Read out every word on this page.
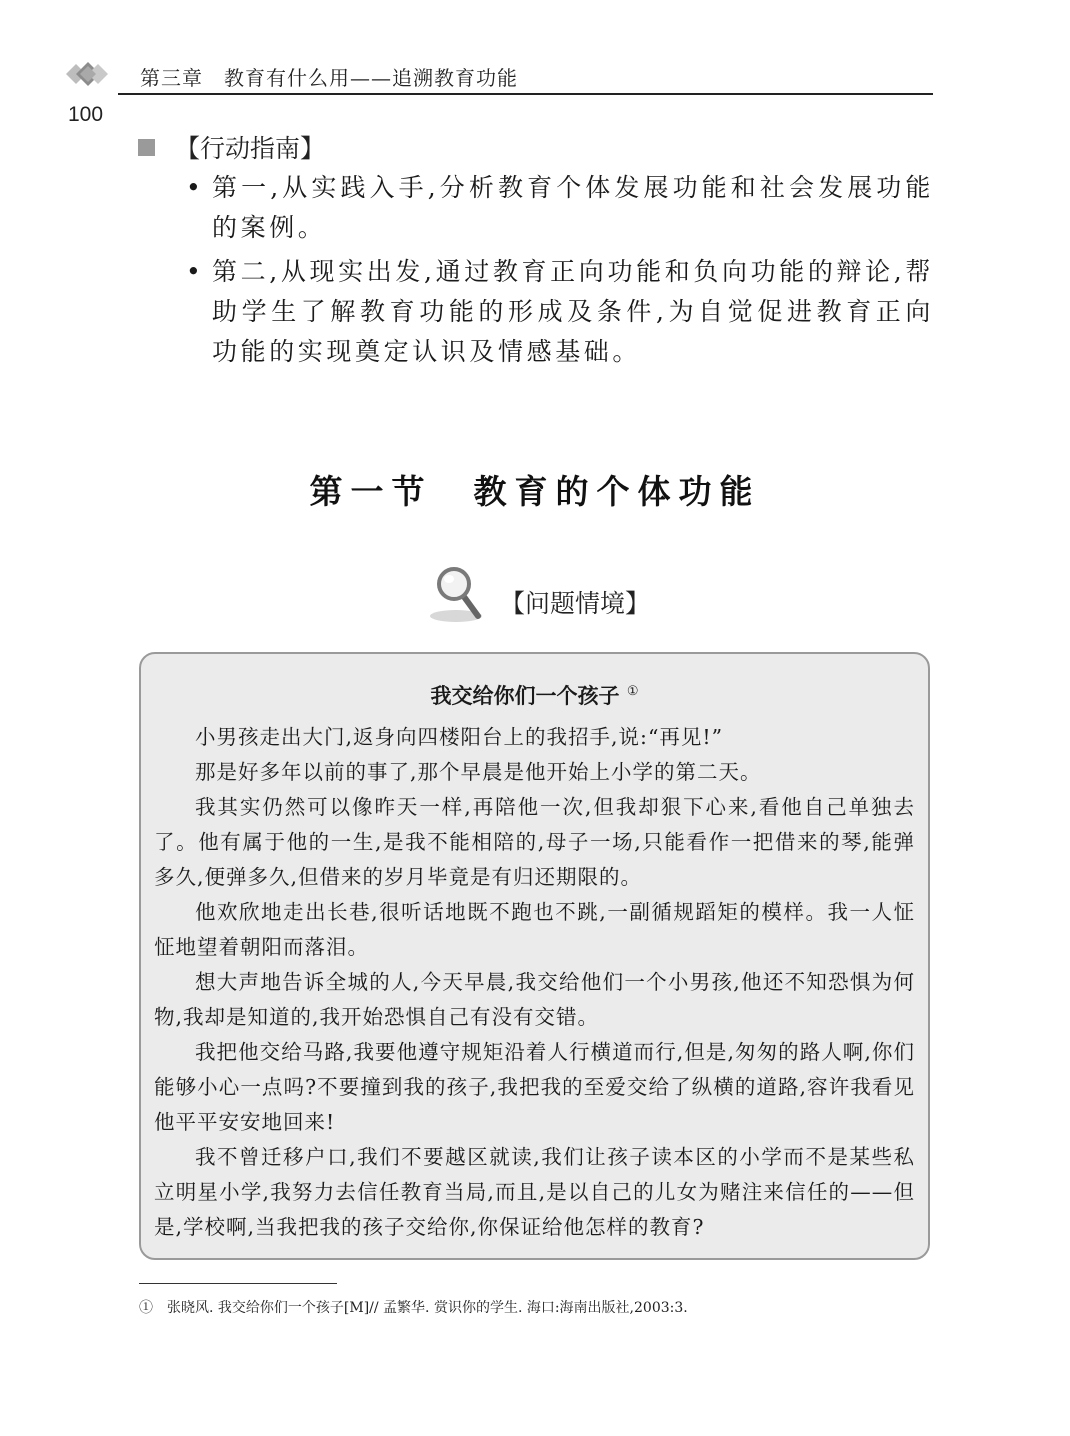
第三章　教育有什么用——追溯教育功能
100
【行动指南】
• 第一,从实践入手,分析教育个体发展功能和社会发展功能的案例。
• 第二,从现实出发,通过教育正向功能和负向功能的辩论,帮助学生了解教育功能的形成及条件,为自觉促进教育正向功能的实现奠定认识及情感基础。
第一节　教育的个体功能
【问题情境】
我交给你们一个孩子 ①

小男孩走出大门,返身向四楼阳台上的我招手,说:“再见!”

那是好多年以前的事了,那个早晨是他开始上小学的第二天。

我其实仍然可以像昨天一样,再陪他一次,但我却狠下心来,看他自己单独去了。他有属于他的一生,是我不能相陪的,母子一场,只能看作一把借来的琴,能弹多久,便弹多久,但借来的岁月毕竟是有归还期限的。

他欢欣地走出长巷,很听话地既不跑也不跳,一副循规蹈矩的模样。我一人怔怔地望着朝阳而落泪。

想大声地告诉全城的人,今天早晨,我交给他们一个小男孩,他还不知恐惧为何物,我却是知道的,我开始恐惧自己有没有交错。

我把他交给马路,我要他遵守规矩沿着人行横道而行,但是,匆匆的路人啊,你们能够小心一点吗?不要撞到我的孩子,我把我的至爱交给了纵横的道路,容许我看见他平平安安地回来!

我不曾迁移户口,我们不要越区就读,我们让孩子读本区的小学而不是某些私立明星小学,我努力去信任教育当局,而且,是以自己的儿女为赌注来信任的——但是,学校啊,当我把我的孩子交给你,你保证给他怎样的教育?

①　张晓风. 我交给你们一个孩子[M]// 孟繁华. 赏识你的学生. 海口:海南出版社,2003:3.
